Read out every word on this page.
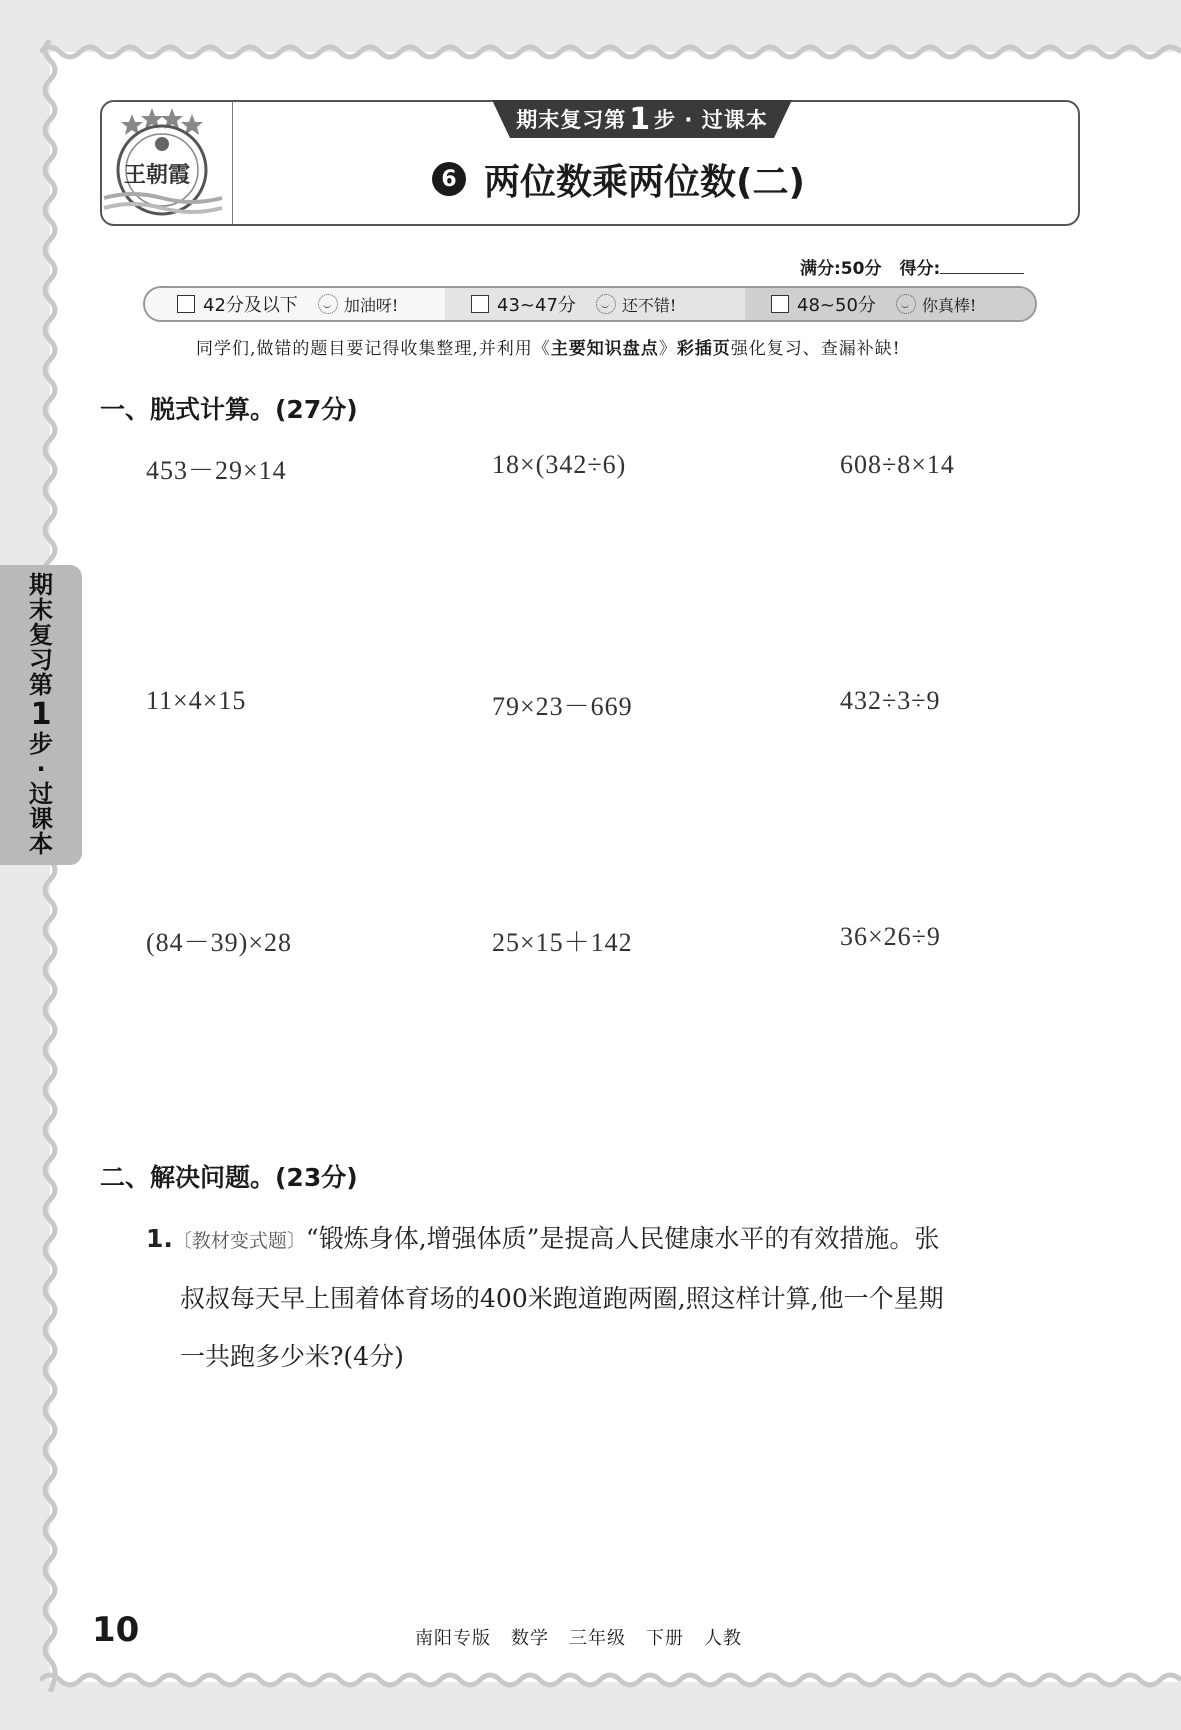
王朝霞
期末复习第 1 步 · 过课本
6 两位数乘两位数(二)
满分:50分 得分:
42分及以下	加油呀!	43~47分	还不错!	48~50分	你真棒!
同学们,做错的题目要记得收集整理,并利用《主要知识盘点》彩插页强化复习、查漏补缺!
一、脱式计算。(27分)
453－29×14	18×(342÷6)	608÷8×14
11×4×15	79×23－669	432÷3÷9
(84－39)×28	25×15＋142	36×26÷9
二、解决问题。(23分)
1.〔教材变式题〕“锻炼身体,增强体质”是提高人民健康水平的有效措施。张
叔叔每天早上围着体育场的400米跑道跑两圈,照这样计算,他一个星期
一共跑多少米?(4分)
期
末
复
习
第
1
步
·
过
课
本
10	南阳专版 数学 三年级 下册 人教
